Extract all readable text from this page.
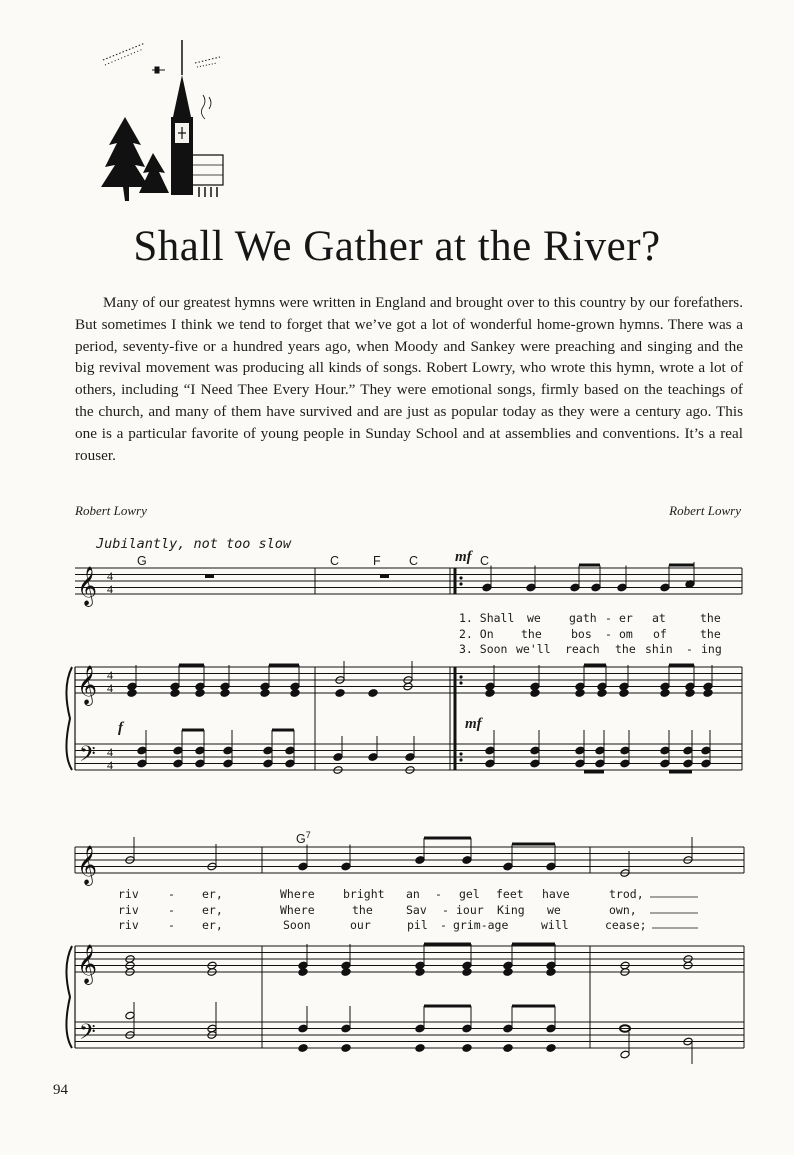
Shall We Gather at the River?

Many of our greatest hymns were written in England and brought over to this country by our forefathers. But sometimes I think we tend to forget that we’ve got a lot of wonderful home-grown hymns. There was a period, seventy-five or a hundred years ago, when Moody and Sankey were preaching and singing and the big revival movement was producing all kinds of songs. Robert Lowry, who wrote this hymn, wrote a lot of others, including “I Need Thee Every Hour.” They were emotional songs, firmly based on the teachings of the church, and many of them have survived and are just as popular today as they were a century ago. This one is a particular favorite of young people in Sunday School and at assemblies and conventions. It’s a real rouser.

Robert Lowry	Robert Lowry
Jubilantly, not too slow
G	C	F C mf C
1. Shall we gath - er at	the
2. On the	bos - om of	the
3. Soon we'll reach the shin - ing
f	mf
$G^7$
riv	- er,	Where bright an - gel feet have	trod,
riv	- er,	Where	the	Sav - iour King we	own,
riv	- er,	Soon	our	pil - grim-age	will	cease;
𝄞
𝄞
𝄢
4
4
4
4
4
4
𝄞
𝄞
𝄢
94
